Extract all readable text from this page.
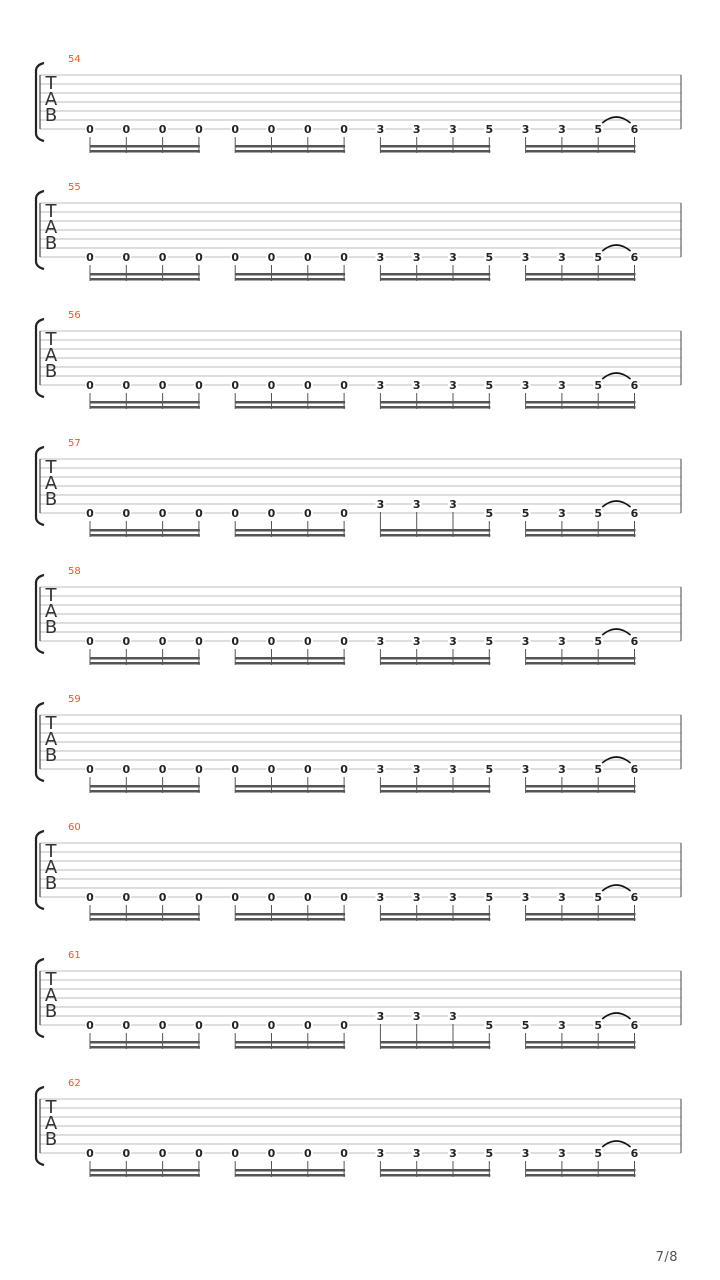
54
T
A
B
0	0	0	0	0	0	0	0	3	3	3	5	3	3	5	6
55
T
A
B
0	0	0	0	0	0	0	0	3	3	3	5	3	3	5	6
56
T
A
B
0	0	0	0	0	0	0	0	3	3	3	5	3	3	5	6
57
T
A
B
0	0	0	0	0	0	0	0
3	3	3
5	5	3	5	6
58
T
A
B
0	0	0	0	0	0	0	0	3	3	3	5	3	3	5	6
59
T
A
B
0	0	0	0	0	0	0	0	3	3	3	5	3	3	5	6
60
T
A
B
0	0	0	0	0	0	0	0	3	3	3	5	3	3	5	6
61
T
A
B
0	0	0	0	0	0	0	0
3	3	3
5	5	3	5	6
62
T
A
B
0	0	0	0	0	0	0	0	3	3	3	5	3	3	5	6
7/8
